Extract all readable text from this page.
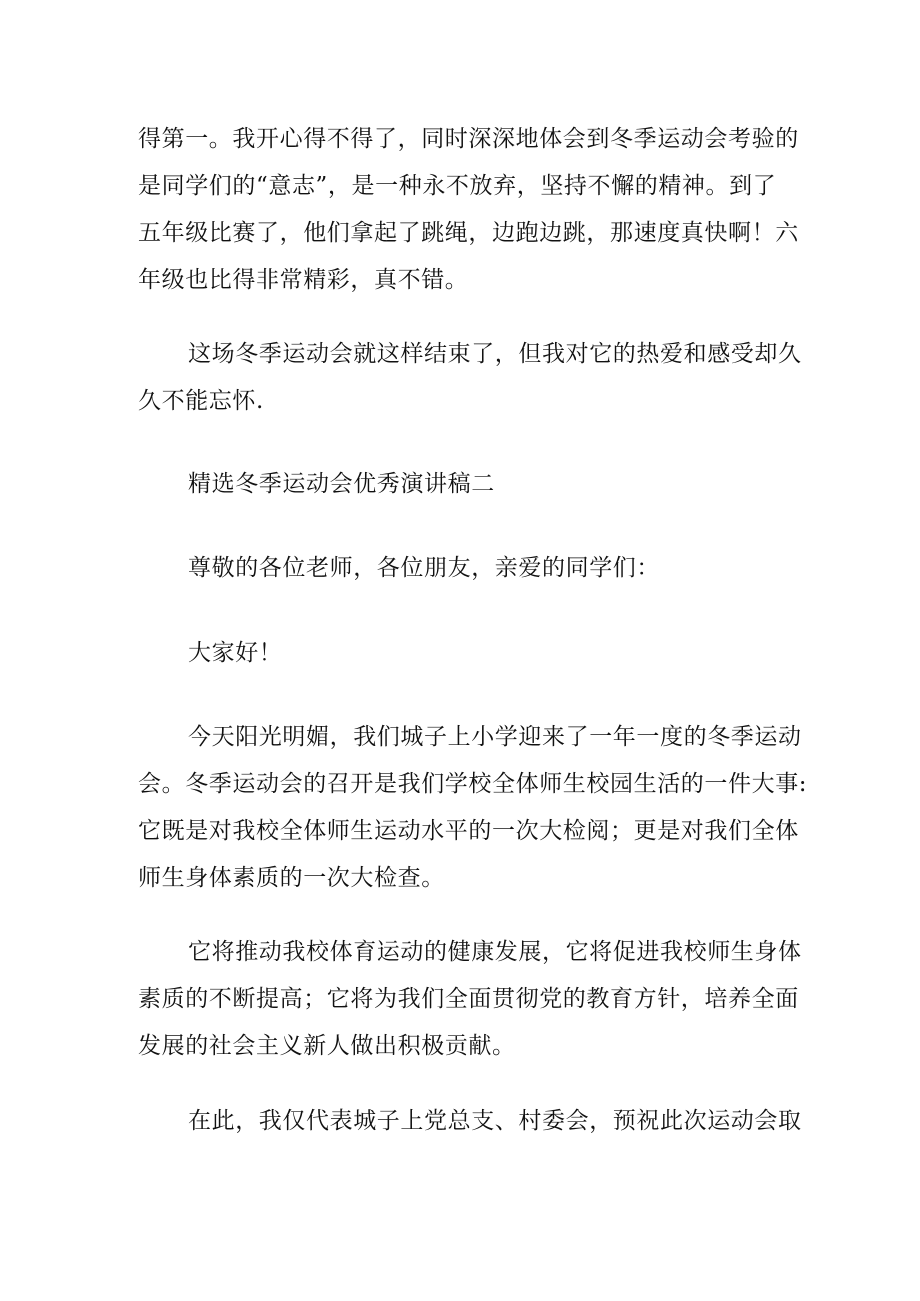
得第一。我开心得不得了，同时深深地体会到冬季运动会考验的
是同学们的“意志”，是一种永不放弃，坚持不懈的精神。到了
五年级比赛了，他们拿起了跳绳，边跑边跳，那速度真快啊！六
年级也比得非常精彩，真不错。
这场冬季运动会就这样结束了，但我对它的热爱和感受却久
久不能忘怀.
精选冬季运动会优秀演讲稿二
尊敬的各位老师，各位朋友，亲爱的同学们：
大家好！
今天阳光明媚，我们城子上小学迎来了一年一度的冬季运动
会。冬季运动会的召开是我们学校全体师生校园生活的一件大事:
它既是对我校全体师生运动水平的一次大检阅；更是对我们全体
师生身体素质的一次大检查。
它将推动我校体育运动的健康发展，它将促进我校师生身体
素质的不断提高；它将为我们全面贯彻党的教育方针，培养全面
发展的社会主义新人做出积极贡献。
在此，我仅代表城子上党总支、村委会，预祝此次运动会取
